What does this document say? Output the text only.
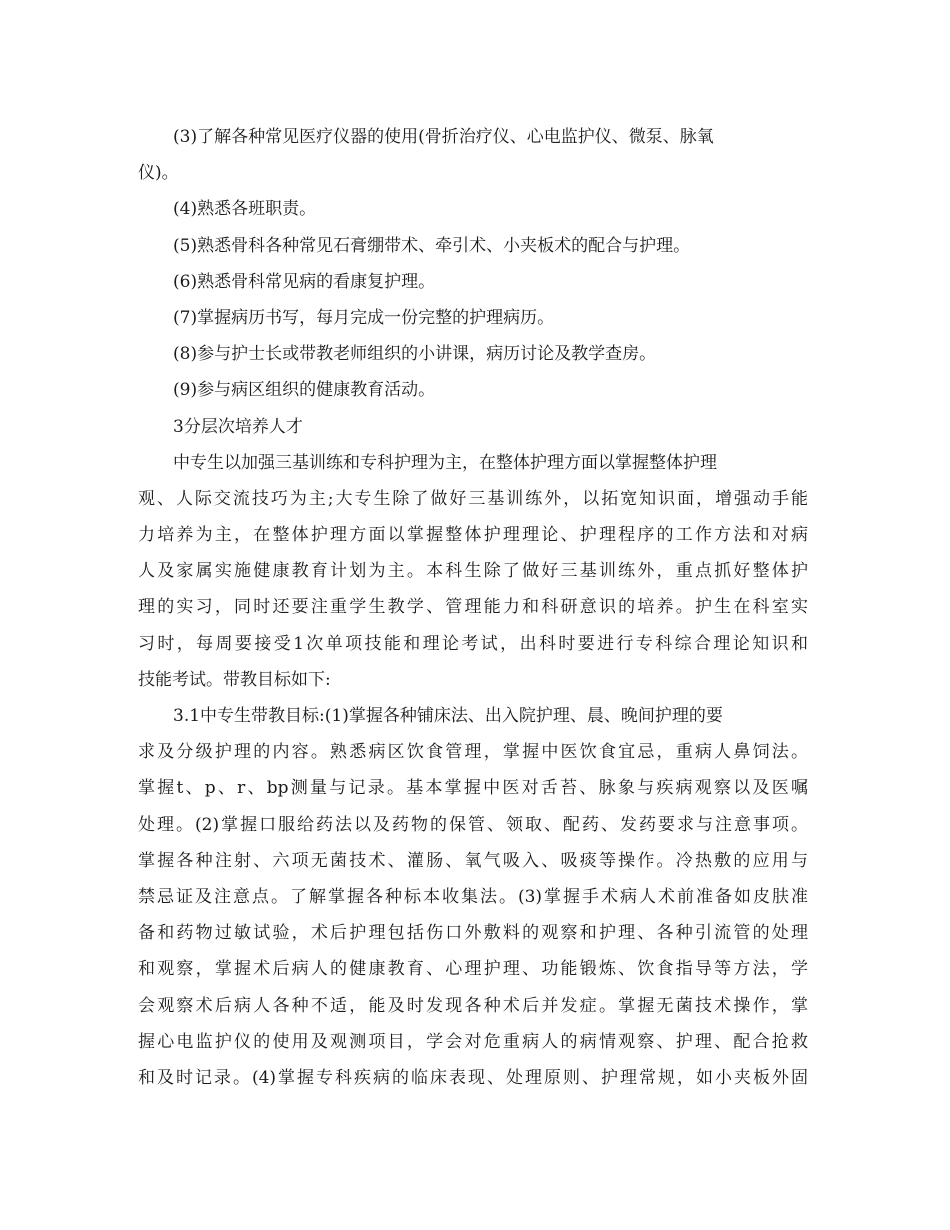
(3)了解各种常见医疗仪器的使用(骨折治疗仪、心电监护仪、微泵、脉氧
仪)。
(4)熟悉各班职责。
(5)熟悉骨科各种常见石膏绷带术、牵引术、小夹板术的配合与护理。
(6)熟悉骨科常见病的看康复护理。
(7)掌握病历书写，每月完成一份完整的护理病历。
(8)参与护士长或带教老师组织的小讲课，病历讨论及教学查房。
(9)参与病区组织的健康教育活动。
3分层次培养人才
中专生以加强三基训练和专科护理为主，在整体护理方面以掌握整体护理
观、人际交流技巧为主;大专生除了做好三基训练外，以拓宽知识面，增强动手能
力培养为主，在整体护理方面以掌握整体护理理论、护理程序的工作方法和对病
人及家属实施健康教育计划为主。本科生除了做好三基训练外，重点抓好整体护
理的实习，同时还要注重学生教学、管理能力和科研意识的培养。护生在科室实
习时，每周要接受1次单项技能和理论考试，出科时要进行专科综合理论知识和
技能考试。带教目标如下:
3.1中专生带教目标:(1)掌握各种铺床法、出入院护理、晨、晚间护理的要
求及分级护理的内容。熟悉病区饮食管理，掌握中医饮食宜忌，重病人鼻饲法。
掌握t、p、r、bp测量与记录。基本掌握中医对舌苔、脉象与疾病观察以及医嘱
处理。(2)掌握口服给药法以及药物的保管、领取、配药、发药要求与注意事项。
掌握各种注射、六项无菌技术、灌肠、氧气吸入、吸痰等操作。冷热敷的应用与
禁忌证及注意点。了解掌握各种标本收集法。(3)掌握手术病人术前准备如皮肤准
备和药物过敏试验，术后护理包括伤口外敷料的观察和护理、各种引流管的处理
和观察，掌握术后病人的健康教育、心理护理、功能锻炼、饮食指导等方法，学
会观察术后病人各种不适，能及时发现各种术后并发症。掌握无菌技术操作，掌
握心电监护仪的使用及观测项目，学会对危重病人的病情观察、护理、配合抢救
和及时记录。(4)掌握专科疾病的临床表现、处理原则、护理常规，如小夹板外固
